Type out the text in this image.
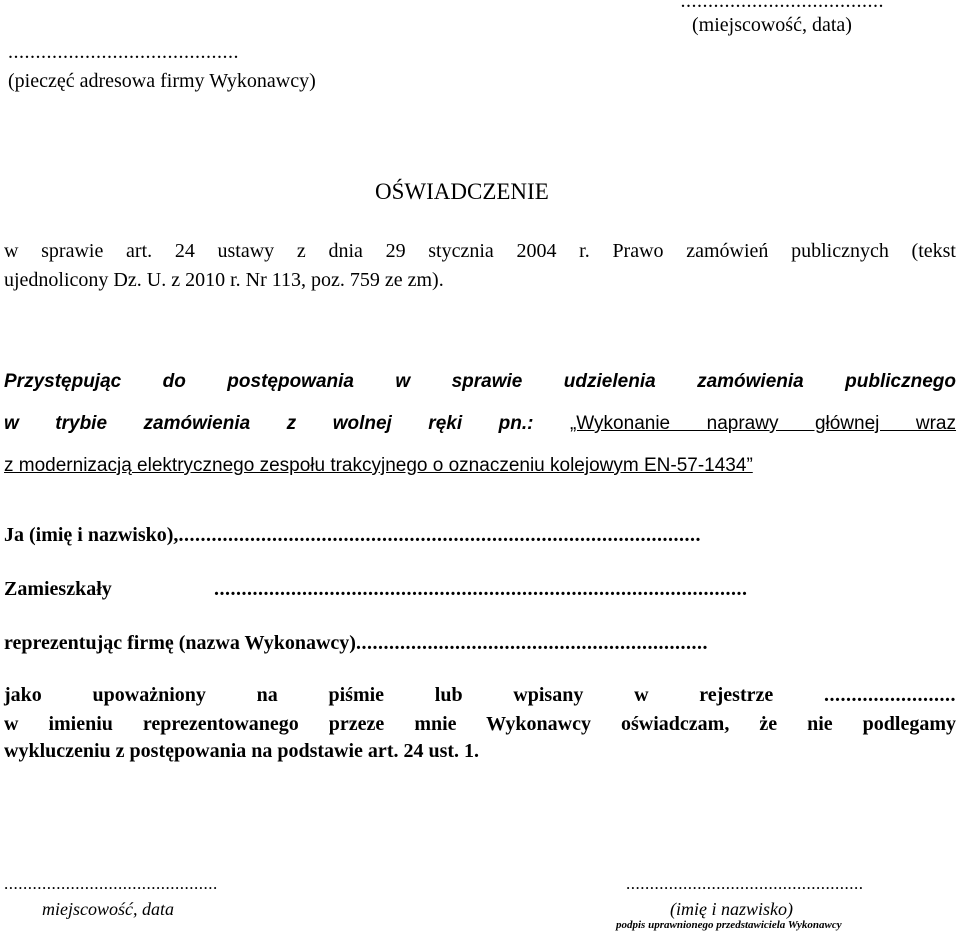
.....................................
(miejscowość, data)
..........................................
(pieczęć adresowa firmy Wykonawcy)
OŚWIADCZENIE
w sprawie art. 24 ustawy z dnia 29 stycznia 2004 r. Prawo zamówień publicznych (tekst
ujednolicony Dz. U. z 2010 r. Nr 113, poz. 759 ze zm).
Przystępując do postępowania w sprawie udzielenia zamówienia publicznego
w trybie zamówienia z wolnej ręki pn.: „Wykonanie naprawy głównej wraz
z modernizacją elektrycznego zespołu trakcyjnego o oznaczeniu kolejowym EN-57-1434”
Ja (imię i nazwisko),...............................................................................................
Zamieszkały	.................................................................................................
reprezentując firmę (nazwa Wykonawcy)................................................................
jako upoważniony na piśmie lub wpisany w rejestrze	........................
w imieniu reprezentowanego przeze mnie Wykonawcy oświadczam, że nie podlegamy
wykluczeniu z postępowania na podstawie art. 24 ust. 1.
.............................................
miejscowość, data
..................................................
(imię i nazwisko)
podpis uprawnionego przedstawiciela Wykonawcy
